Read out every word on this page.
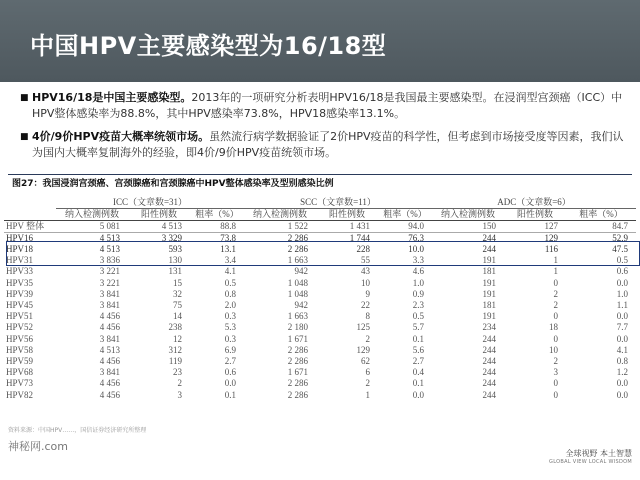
中国HPV主要感染型为16/18型
■ HPV16/18是中国主要感染型。2013年的一项研究分析表明HPV16/18是我国最主要感染型。在浸润型宫颈癌（ICC）中HPV整体感染率为88.8%，其中HPV感染率73.8%，HPV18感染率13.1%。
■ 4价/9价HPV疫苗大概率统领市场。虽然流行病学数据验证了2价HPV疫苗的科学性，但考虑到市场接受度等因素，我们认为国内大概率复制海外的经验，即4价/9价HPV疫苗统领市场。
图27：我国浸润宫颈癌、宫颈腺癌和宫颈腺癌中HPV整体感染率及型别感染比例
	ICC（文章数=31）			SCC（文章数=11）			ADC（文章数=6）		
	纳入检测例数	阳性例数	粗率（%）	纳入检测例数	阳性例数	粗率（%）	纳入检测例数	阳性例数	粗率（%）
HPV 整体	5 081	4 513	88.8	1 522	1 431	94.0	150	127	84.7
HPV16	4 513	3 329	73.8	2 286	1 744	76.3	244	129	52.9
HPV18	4 513	593	13.1	2 286	228	10.0	244	116	47.5
HPV31	3 836	130	3.4	1 663	55	3.3	191	1	0.5
HPV33	3 221	131	4.1	942	43	4.6	181	1	0.6
HPV35	3 221	15	0.5	1 048	10	1.0	191	0	0.0
HPV39	3 841	32	0.8	1 048	9	0.9	191	2	1.0
HPV45	3 841	75	2.0	942	22	2.3	181	2	1.1
HPV51	4 456	14	0.3	1 663	8	0.5	191	0	0.0
HPV52	4 456	238	5.3	2 180	125	5.7	234	18	7.7
HPV56	3 841	12	0.3	1 671	2	0.1	244	0	0.0
HPV58	4 513	312	6.9	2 286	129	5.6	244	10	4.1
HPV59	4 456	119	2.7	2 286	62	2.7	244	2	0.8
HPV68	3 841	23	0.6	1 671	6	0.4	244	3	1.2
HPV73	4 456	2	0.0	2 286	2	0.1	244	0	0.0
HPV82	4 456	3	0.1	2 286	1	0.0	244	0	0.0
资料来源：中国HPV……，国信证券经济研究所整理
神秘网.com
全球视野 本土智慧
GLOBAL VIEW LOCAL WISDOM
